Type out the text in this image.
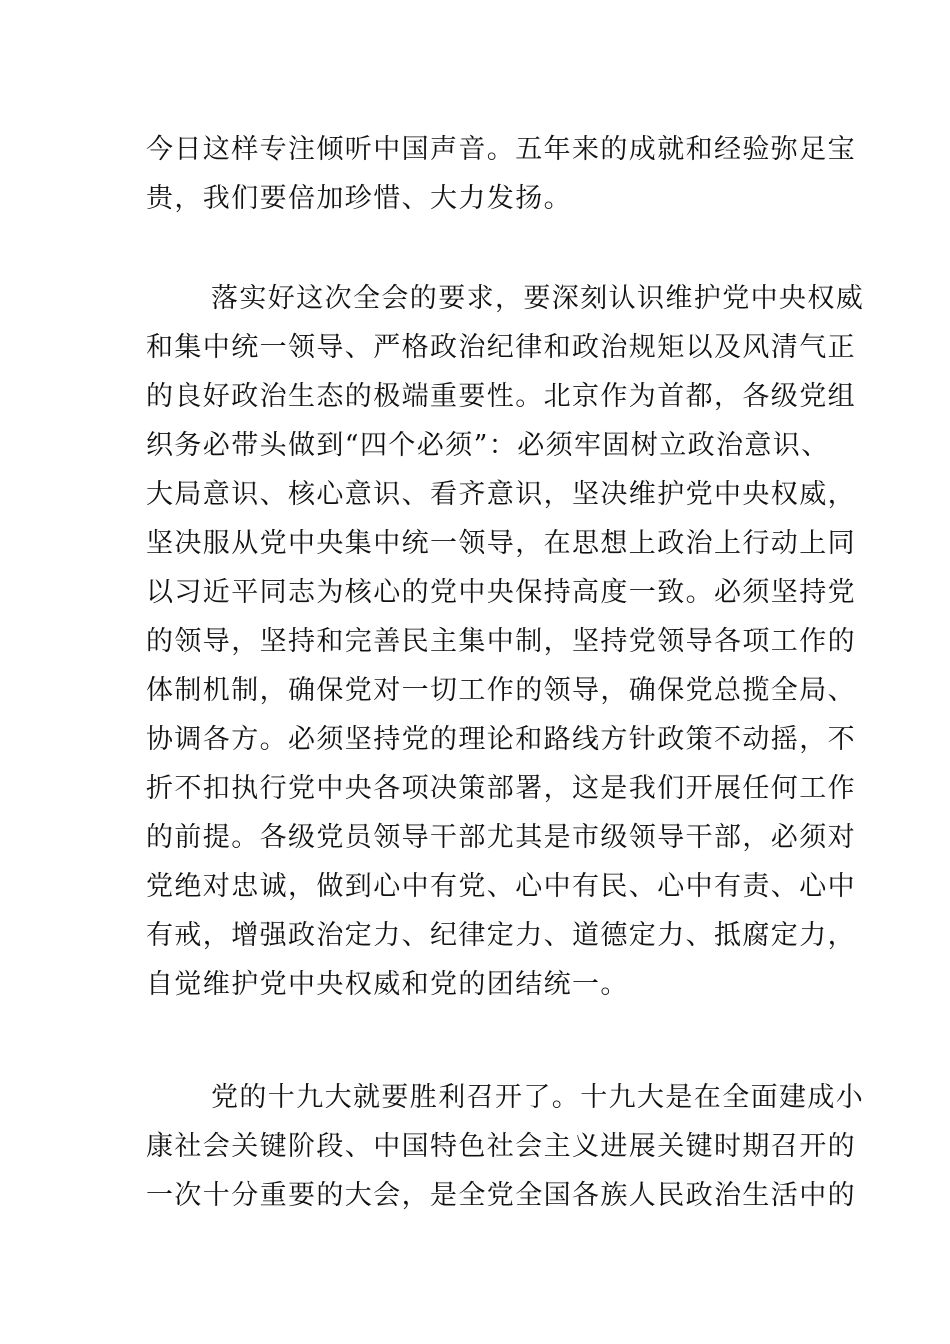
今日这样专注倾听中国声音。五年来的成就和经验弥足宝
贵，我们要倍加珍惜、大力发扬。

落实好这次全会的要求，要深刻认识维护党中央权威
和集中统一领导、严格政治纪律和政治规矩以及风清气正
的良好政治生态的极端重要性。北京作为首都，各级党组
织务必带头做到“四个必须”：必须牢固树立政治意识、
大局意识、核心意识、看齐意识，坚决维护党中央权威，
坚决服从党中央集中统一领导，在思想上政治上行动上同
以习近平同志为核心的党中央保持高度一致。必须坚持党
的领导，坚持和完善民主集中制，坚持党领导各项工作的
体制机制，确保党对一切工作的领导，确保党总揽全局、
协调各方。必须坚持党的理论和路线方针政策不动摇，不
折不扣执行党中央各项决策部署，这是我们开展任何工作
的前提。各级党员领导干部尤其是市级领导干部，必须对
党绝对忠诚，做到心中有党、心中有民、心中有责、心中
有戒，增强政治定力、纪律定力、道德定力、抵腐定力，
自觉维护党中央权威和党的团结统一。

党的十九大就要胜利召开了。十九大是在全面建成小
康社会关键阶段、中国特色社会主义进展关键时期召开的
一次十分重要的大会，是全党全国各族人民政治生活中的
